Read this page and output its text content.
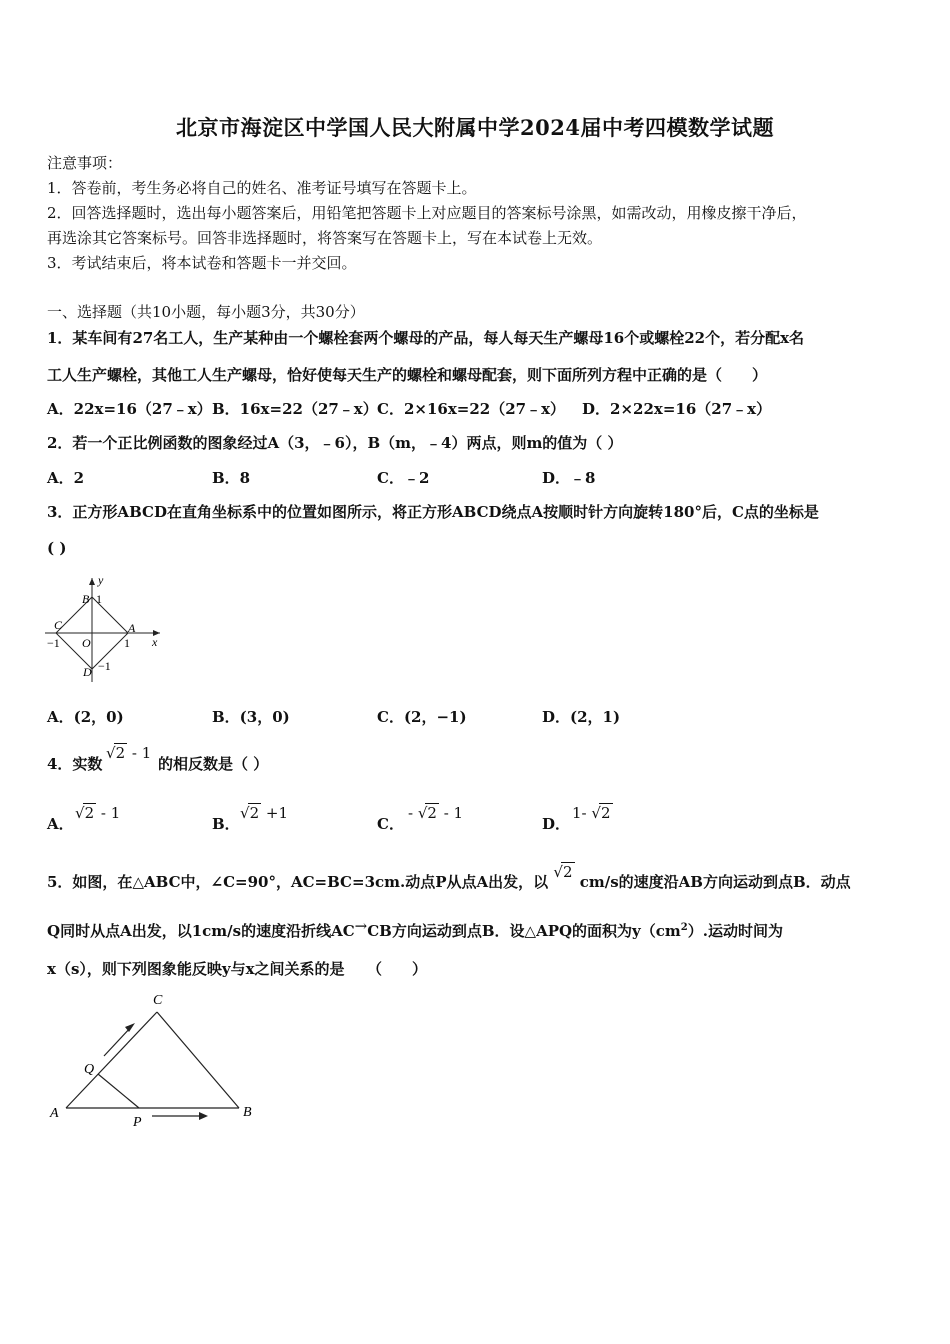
北京市海淀区中学国人民大附属中学2024届中考四模数学试题
注意事项：
1．答卷前，考生务必将自己的姓名、准考证号填写在答题卡上。
2．回答选择题时，选出每小题答案后，用铅笔把答题卡上对应题目的答案标号涂黑，如需改动，用橡皮擦干净后，
再选涂其它答案标号。回答非选择题时，将答案写在答题卡上，写在本试卷上无效。
3．考试结束后，将本试卷和答题卡一并交回。
一、选择题（共10小题，每小题3分，共30分）
1．某车间有27名工人，生产某种由一个螺栓套两个螺母的产品，每人每天生产螺母16个或螺栓22个，若分配x名
工人生产螺栓，其他工人生产螺母，恰好使每天生产的螺栓和螺母配套，则下面所列方程中正确的是（　　）
A．22x=16（27﹣x） B．16x=22（27﹣x） C．2×16x=22（27﹣x） D．2×22x=16（27﹣x）
2．若一个正比例函数的图象经过A（3，﹣6），B（m，﹣4）两点，则m的值为（ ）
A．2	B．8	C．﹣2	D．﹣8
3．正方形ABCD在直角坐标系中的位置如图所示，将正方形ABCD绕点A按顺时针方向旋转180°后，C点的坐标是
( )
y
x
B 1
C
O
A
−1	1
D −1
A．(2，0)	B．(3，0)	C．(2，−1)	D．(2，1)
4．实数
√2 - 1
的相反数是（ ）
A．
√2 - 1
B．
√2 +1
C．
- √2 - 1
D．
1- √2
5．如图，在△ABC中，∠C=90°，AC=BC=3cm.动点P从点A出发，以 √2 cm/s的速度沿AB方向运动到点B．动点
Q同时从点A出发，以1cm/s的速度沿折线AC→CB方向运动到点B．设△APQ的面积为$y(cm^2)$.运动时间为
x（s），则下列图象能反映y与x之间关系的是　　（　　）
C
Q
A
P
B
